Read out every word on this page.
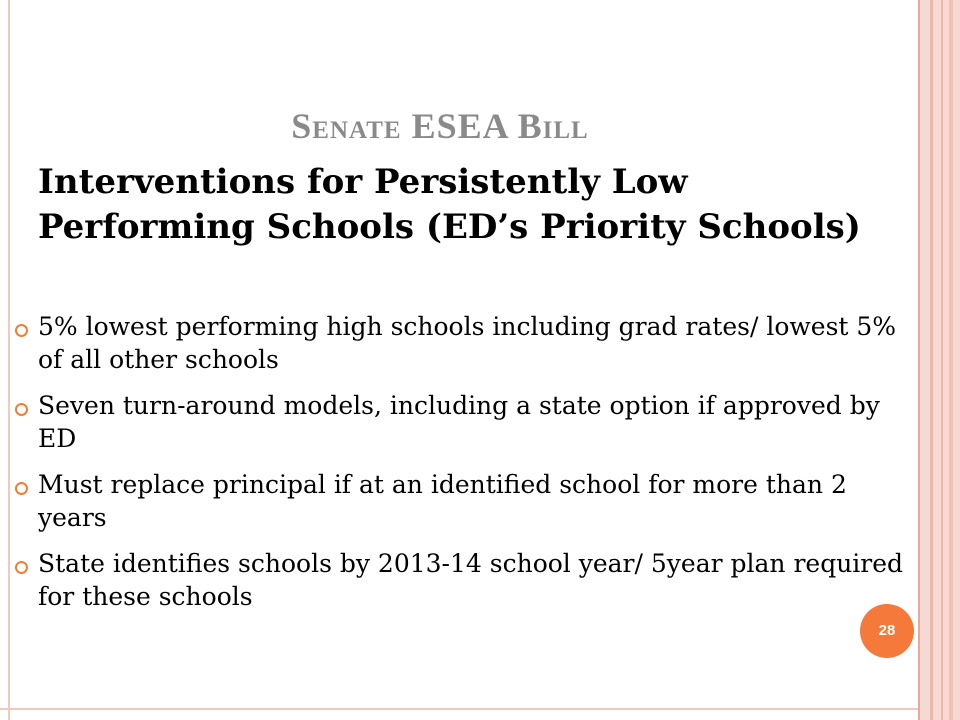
Senate ESEA Bill
Interventions for Persistently Low Performing Schools (ED’s Priority Schools)
5% lowest performing high schools including grad rates/ lowest 5% of all other schools
Seven turn-around models, including a state option if approved by ED
Must replace principal if at an identified school for more than 2 years
State identifies schools by 2013-14 school year/ 5year plan required for these schools
28
